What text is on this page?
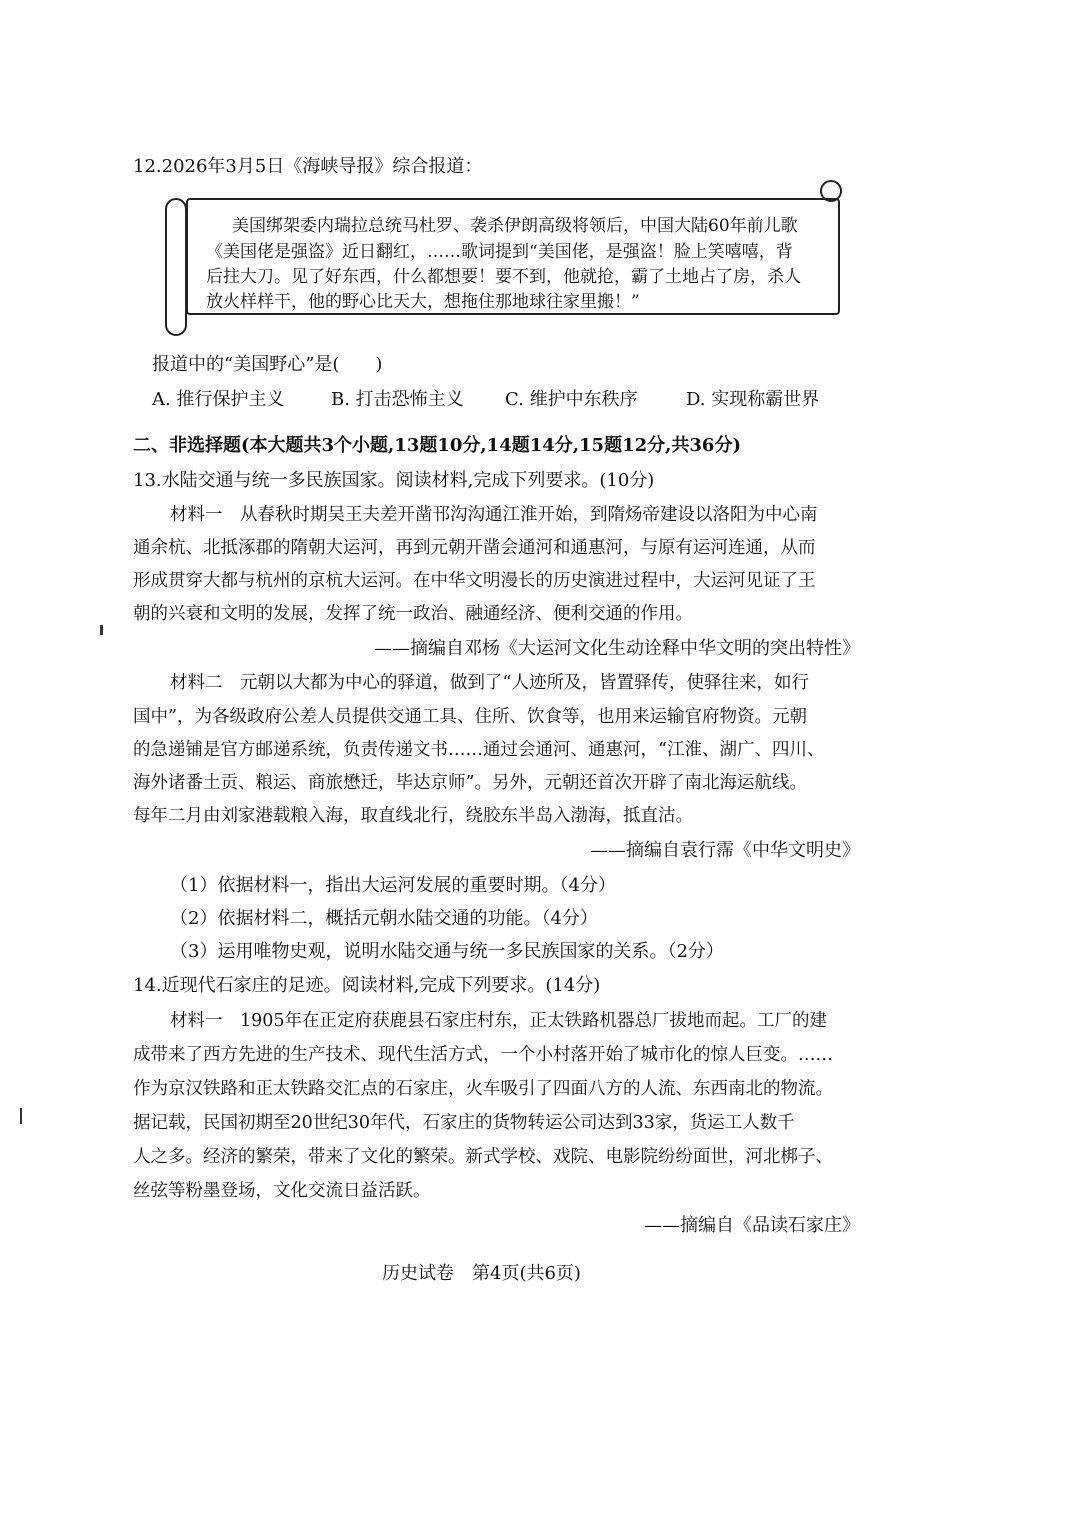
12.2026年3月5日《海峡导报》综合报道：
美国绑架委内瑞拉总统马杜罗、袭杀伊朗高级将领后，中国大陆60年前儿歌
《美国佬是强盗》近日翻红，……歌词提到“美国佬，是强盗！脸上笑嘻嘻，背
后拄大刀。见了好东西，什么都想要！要不到，他就抢，霸了土地占了房，杀人
放火样样干，他的野心比天大，想拖住那地球往家里搬！”
报道中的“美国野心”是(　　)
A. 推行保护主义	B. 打击恐怖主义 C. 维护中东秩序	D. 实现称霸世界
二、非选择题(本大题共3个小题,13题10分,14题14分,15题12分,共36分)
13.水陆交通与统一多民族国家。阅读材料,完成下列要求。(10分)
材料一　从春秋时期吴王夫差开凿邗沟沟通江淮开始，到隋炀帝建设以洛阳为中心南
通余杭、北抵涿郡的隋朝大运河，再到元朝开凿会通河和通惠河，与原有运河连通，从而
形成贯穿大都与杭州的京杭大运河。在中华文明漫长的历史演进过程中，大运河见证了王
朝的兴衰和文明的发展，发挥了统一政治、融通经济、便利交通的作用。
——摘编自邓杨《大运河文化生动诠释中华文明的突出特性》
材料二　元朝以大都为中心的驿道，做到了“人迹所及，皆置驿传，使驿往来，如行
国中”，为各级政府公差人员提供交通工具、住所、饮食等，也用来运输官府物资。元朝
的急递铺是官方邮递系统，负责传递文书……通过会通河、通惠河，“江淮、湖广、四川、
海外诸番土贡、粮运、商旅懋迁，毕达京师”。另外，元朝还首次开辟了南北海运航线。
每年二月由刘家港载粮入海，取直线北行，绕胶东半岛入渤海，抵直沽。
——摘编自袁行霈《中华文明史》
（1）依据材料一，指出大运河发展的重要时期。（4分）
（2）依据材料二，概括元朝水陆交通的功能。（4分）
（3）运用唯物史观，说明水陆交通与统一多民族国家的关系。（2分）
14.近现代石家庄的足迹。阅读材料,完成下列要求。(14分)
材料一　1905年在正定府获鹿县石家庄村东，正太铁路机器总厂拔地而起。工厂的建
成带来了西方先进的生产技术、现代生活方式，一个小村落开始了城市化的惊人巨变。……
作为京汉铁路和正太铁路交汇点的石家庄，火车吸引了四面八方的人流、东西南北的物流。
据记载，民国初期至20世纪30年代，石家庄的货物转运公司达到33家，货运工人数千
人之多。经济的繁荣，带来了文化的繁荣。新式学校、戏院、电影院纷纷面世，河北梆子、
丝弦等粉墨登场，文化交流日益活跃。
——摘编自《品读石家庄》
历史试卷　第4页(共6页)
